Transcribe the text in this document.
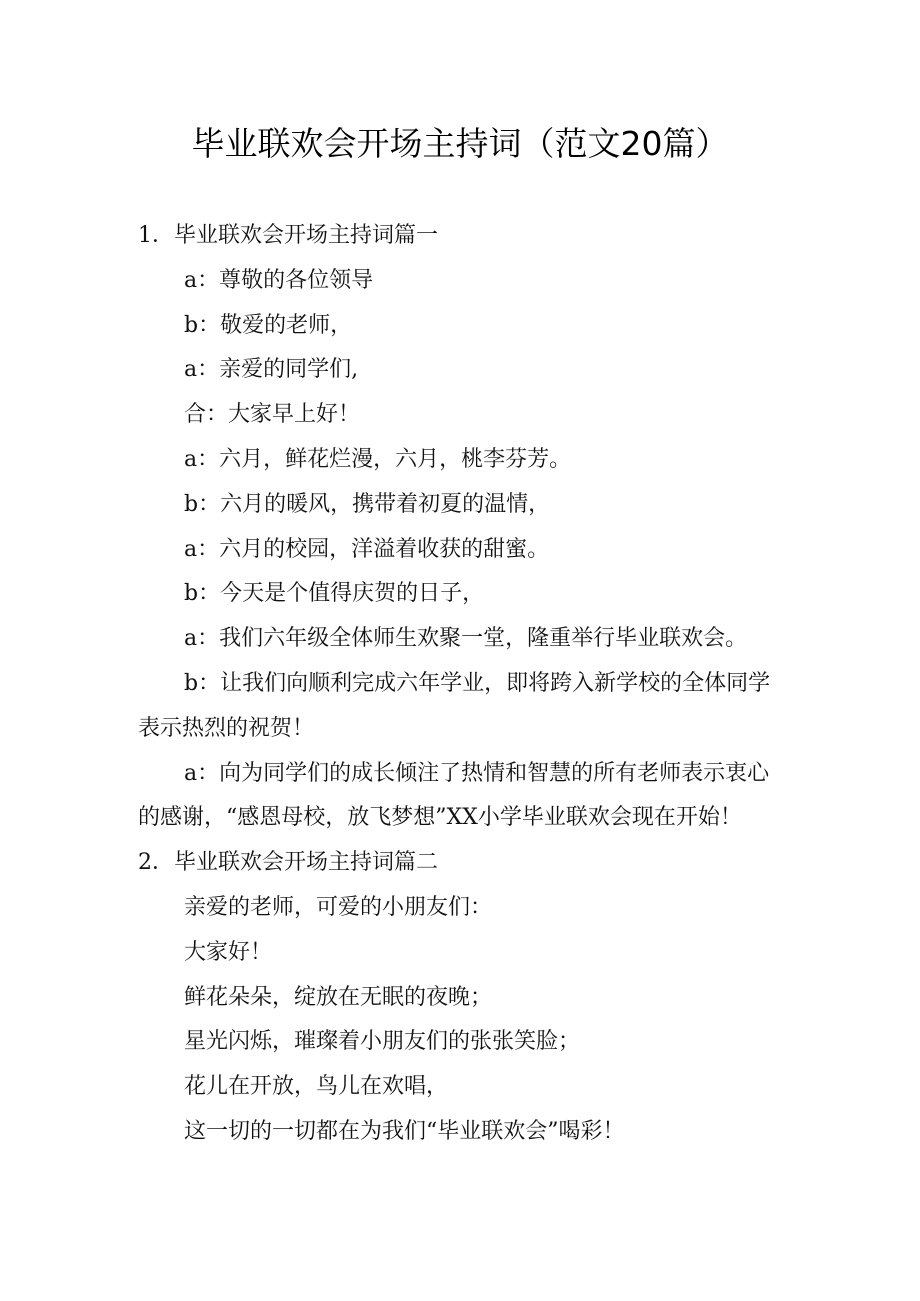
毕业联欢会开场主持词（范文20篇）
1．毕业联欢会开场主持词篇一
a：尊敬的各位领导
b：敬爱的老师，
a：亲爱的同学们,
合：大家早上好！
a：六月，鲜花烂漫，六月，桃李芬芳。
b：六月的暖风，携带着初夏的温情，
a：六月的校园，洋溢着收获的甜蜜。
b：今天是个值得庆贺的日子，
a：我们六年级全体师生欢聚一堂，隆重举行毕业联欢会。
b：让我们向顺利完成六年学业，即将跨入新学校的全体同学表示热烈的祝贺！
a：向为同学们的成长倾注了热情和智慧的所有老师表示衷心的感谢，“感恩母校，放飞梦想”XX小学毕业联欢会现在开始！
2．毕业联欢会开场主持词篇二
亲爱的老师，可爱的小朋友们：
大家好！
鲜花朵朵，绽放在无眠的夜晚；
星光闪烁，璀璨着小朋友们的张张笑脸；
花儿在开放，鸟儿在欢唱，
这一切的一切都在为我们“毕业联欢会”喝彩！
